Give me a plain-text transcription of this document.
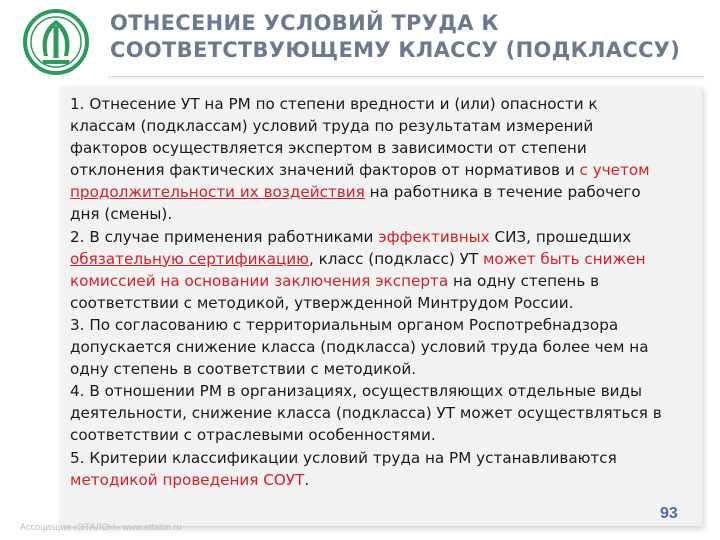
ОТНЕСЕНИЕ УСЛОВИЙ ТРУДА К
СООТВЕТСТВУЮЩЕМУ КЛАССУ (ПОДКЛАССУ)
1. Отнесение УТ на РМ по степени вредности и (или) опасности к
классам (подклассам) условий труда по результатам измерений
факторов осуществляется экспертом в зависимости от степени
отклонения фактических значений факторов от нормативов и с учетом
продолжительности их воздействия на работника в течение рабочего
дня (смены).
2. В случае применения работниками эффективных СИЗ, прошедших
обязательную сертификацию, класс (подкласс) УТ может быть снижен
комиссией на основании заключения эксперта на одну степень в
соответствии с методикой, утвержденной Минтрудом России.
3. По согласованию с территориальным органом Роспотребнадзора
допускается снижение класса (подкласса) условий труда более чем на
одну степень в соответствии с методикой.
4. В отношении РМ в организациях, осуществляющих отдельные виды
деятельности, снижение класса (подкласса) УТ может осуществляться в
соответствии с отраслевыми особенностями.
5. Критерии классификации условий труда на РМ устанавливаются
методикой проведения СОУТ.
Ассоциация «ЭТАЛОН» www.ettalon.ru
93
